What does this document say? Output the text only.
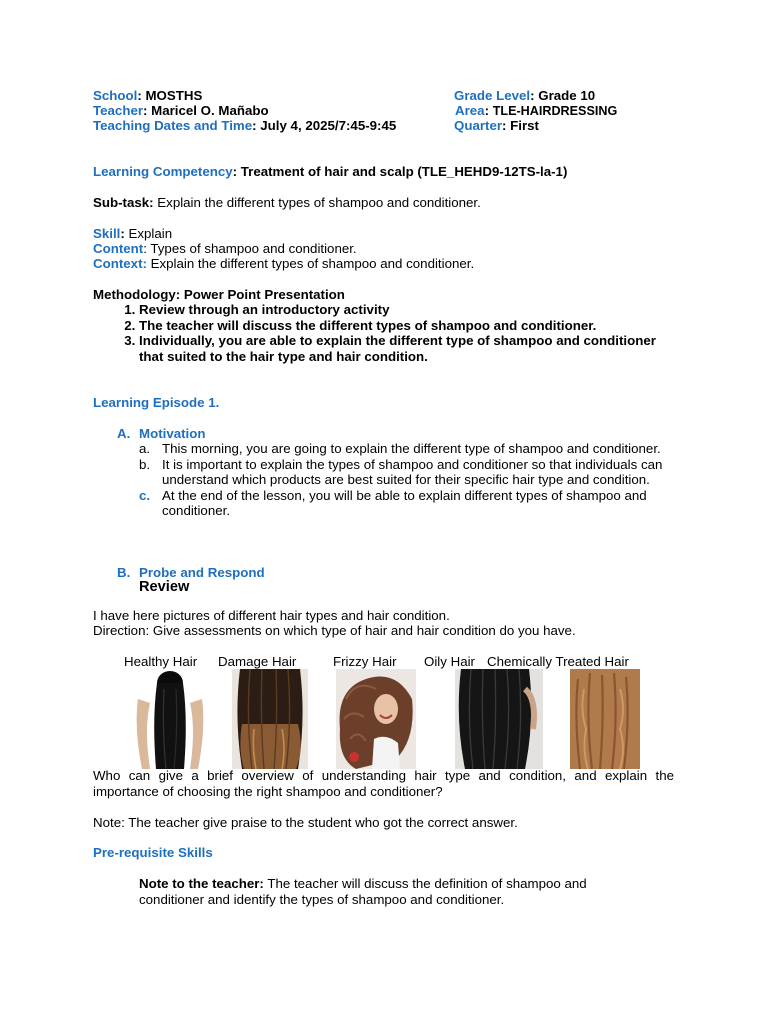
School: MOSTHS
Teacher: Maricel O. Mañabo
Teaching Dates and Time: July 4, 2025/7:45-9:45
Grade Level: Grade 10
Area: TLE-HAIRDRESSING
Quarter: First
Learning Competency: Treatment of hair and scalp (TLE_HEHD9-12TS-la-1)
Sub-task: Explain the different types of shampoo and conditioner.
Skill: Explain
Content: Types of shampoo and conditioner.
Context: Explain the different types of shampoo and conditioner.
Methodology: Power Point Presentation
1. Review through an introductory activity
2. The teacher will discuss the different types of shampoo and conditioner.
3. Individually, you are able to explain the different type of shampoo and conditioner that suited to the hair type and hair condition.
Learning Episode 1.
A. Motivation
a. This morning, you are going to explain the different type of shampoo and conditioner.
b. It is important to explain the types of shampoo and conditioner so that individuals can understand which products are best suited for their specific hair type and condition.
c. At the end of the lesson, you will be able to explain different types of shampoo and conditioner.
B. Probe and Respond
Review
I have here pictures of different hair types and hair condition.
Direction: Give assessments on which type of hair and hair condition do you have.
Healthy Hair Damage Hair	Frizzy Hair Oily Hair Chemically Treated Hair
Who can give a brief overview of understanding hair type and condition, and explain the importance of choosing the right shampoo and conditioner?
Note: The teacher give praise to the student who got the correct answer.
Pre-requisite Skills
Note to the teacher: The teacher will discuss the definition of shampoo and conditioner and identify the types of shampoo and conditioner.
